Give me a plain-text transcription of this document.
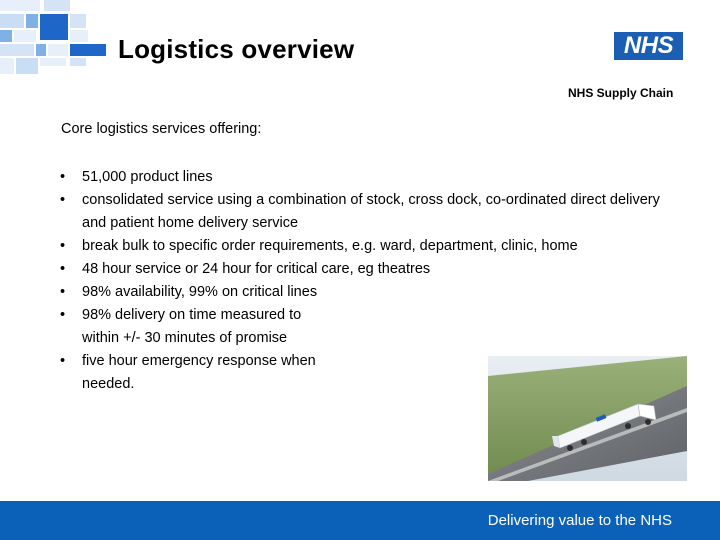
Logistics overview	NHS
NHS Supply Chain
Core logistics services offering:
• 51,000 product lines
• consolidated service using a combination of stock, cross dock, co-ordinated direct delivery and patient home delivery service
• break bulk to specific order requirements, e.g. ward, department, clinic, home
• 48 hour service or 24 hour for critical care, eg theatres
• 98% availability, 99% on critical lines
• 98% delivery on time measured to within +/- 30 minutes of promise
• five hour emergency response when needed.
Delivering value to the NHS
